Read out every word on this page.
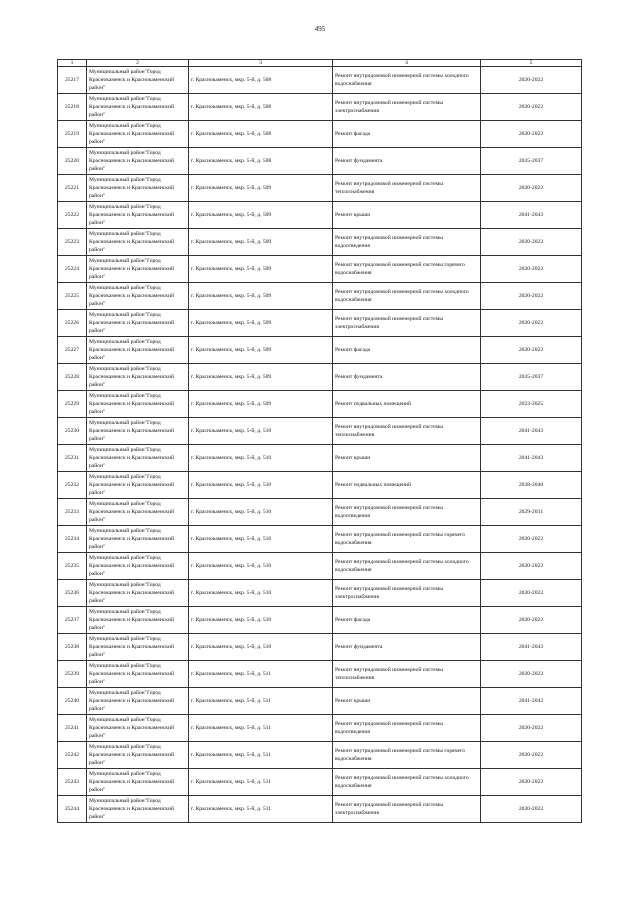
495
1	2	3	4	5
25217	Муниципальный район"Город Краснокаменск и Краснокаменский район"	г. Краснокаменск, мкр. 5-й, д. 508	Ремонт внутридомовой инженерной системы холодного водоснабжения	2020-2022
25218	Муниципальный район"Город Краснокаменск и Краснокаменский район"	г. Краснокаменск, мкр. 5-й, д. 508	Ремонт внутридомовой инженерной системы электроснабжения	2020-2022
25219	Муниципальный район"Город Краснокаменск и Краснокаменский район"	г. Краснокаменск, мкр. 5-й, д. 508	Ремонт фасада	2020-2022
25220	Муниципальный район"Город Краснокаменск и Краснокаменский район"	г. Краснокаменск, мкр. 5-й, д. 508	Ремонт фундамента	2035-2037
25221	Муниципальный район"Город Краснокаменск и Краснокаменский район"	г. Краснокаменск, мкр. 5-й, д. 509	Ремонт внутридомовой инженерной системы теплоснабжения	2020-2022
25222	Муниципальный район"Город Краснокаменск и Краснокаменский район"	г. Краснокаменск, мкр. 5-й, д. 509	Ремонт крыши	2041-2043
25223	Муниципальный район"Город Краснокаменск и Краснокаменский район"	г. Краснокаменск, мкр. 5-й, д. 509	Ремонт внутридомовой инженерной системы водоотведения	2020-2022
25224	Муниципальный район"Город Краснокаменск и Краснокаменский район"	г. Краснокаменск, мкр. 5-й, д. 509	Ремонт внутридомовой инженерной системы горячего водоснабжения	2020-2022
25225	Муниципальный район"Город Краснокаменск и Краснокаменский район"	г. Краснокаменск, мкр. 5-й, д. 509	Ремонт внутридомовой инженерной системы холодного водоснабжения	2020-2022
25226	Муниципальный район"Город Краснокаменск и Краснокаменский район"	г. Краснокаменск, мкр. 5-й, д. 509	Ремонт внутридомовой инженерной системы электроснабжения	2020-2022
25227	Муниципальный район"Город Краснокаменск и Краснокаменский район"	г. Краснокаменск, мкр. 5-й, д. 509	Ремонт фасада	2020-2022
25228	Муниципальный район"Город Краснокаменск и Краснокаменский район"	г. Краснокаменск, мкр. 5-й, д. 509	Ремонт фундамента	2035-2037
25229	Муниципальный район"Город Краснокаменск и Краснокаменский район"	г. Краснокаменск, мкр. 5-й, д. 509	Ремонт подвальных помещений	2023-2025
25230	Муниципальный район"Город Краснокаменск и Краснокаменский район"	г. Краснокаменск, мкр. 5-й, д. 510	Ремонт внутридомовой инженерной системы теплоснабжения	2041-2043
25231	Муниципальный район"Город Краснокаменск и Краснокаменский район"	г. Краснокаменск, мкр. 5-й, д. 510	Ремонт крыши	2041-2043
25232	Муниципальный район"Город Краснокаменск и Краснокаменский район"	г. Краснокаменск, мкр. 5-й, д. 510	Ремонт подвальных помещений	2038-2040
25233	Муниципальный район"Город Краснокаменск и Краснокаменский район"	г. Краснокаменск, мкр. 5-й, д. 510	Ремонт внутридомовой инженерной системы водоотведения	2029-2031
25234	Муниципальный район"Город Краснокаменск и Краснокаменский район"	г. Краснокаменск, мкр. 5-й, д. 510	Ремонт внутридомовой инженерной системы горячего водоснабжения	2020-2022
25235	Муниципальный район"Город Краснокаменск и Краснокаменский район"	г. Краснокаменск, мкр. 5-й, д. 510	Ремонт внутридомовой инженерной системы холодного водоснабжения	2020-2022
25236	Муниципальный район"Город Краснокаменск и Краснокаменский район"	г. Краснокаменск, мкр. 5-й, д. 510	Ремонт внутридомовой инженерной системы электроснабжения	2020-2022
25237	Муниципальный район"Город Краснокаменск и Краснокаменский район"	г. Краснокаменск, мкр. 5-й, д. 510	Ремонт фасада	2020-2022
25238	Муниципальный район"Город Краснокаменск и Краснокаменский район"	г. Краснокаменск, мкр. 5-й, д. 510	Ремонт фундамента	2041-2043
25239	Муниципальный район"Город Краснокаменск и Краснокаменский район"	г. Краснокаменск, мкр. 5-й, д. 511	Ремонт внутридомовой инженерной системы теплоснабжения	2020-2022
25240	Муниципальный район"Город Краснокаменск и Краснокаменский район"	г. Краснокаменск, мкр. 5-й, д. 511	Ремонт крыши	2041-2043
25241	Муниципальный район"Город Краснокаменск и Краснокаменский район"	г. Краснокаменск, мкр. 5-й, д. 511	Ремонт внутридомовой инженерной системы водоотведения	2020-2022
25242	Муниципальный район"Город Краснокаменск и Краснокаменский район"	г. Краснокаменск, мкр. 5-й, д. 511	Ремонт внутридомовой инженерной системы горячего водоснабжения	2020-2022
25243	Муниципальный район"Город Краснокаменск и Краснокаменский район"	г. Краснокаменск, мкр. 5-й, д. 511	Ремонт внутридомовой инженерной системы холодного водоснабжения	2020-2022
25244	Муниципальный район"Город Краснокаменск и Краснокаменский район"	г. Краснокаменск, мкр. 5-й, д. 511	Ремонт внутридомовой инженерной системы электроснабжения	2020-2022
